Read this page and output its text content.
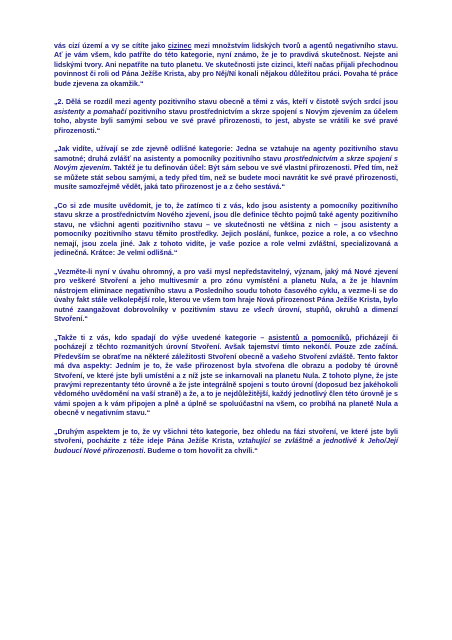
vás cizí území a vy se cítíte jako cizinec mezi množstvím lidských tvorů a agentů negativního stavu. Ať je vám všem, kdo patříte do této kategorie, nyní známo, že je to pravdivá skutečnost. Nejste ani lidskými tvory. Ani nepatříte na tuto planetu. Ve skutečnosti jste cizinci, kteří načas přijali přechodnou povinnost či roli od Pána Ježíše Krista, aby pro Něj/Ní konali nějakou důležitou práci. Povaha té práce bude zjevena za okamžik.“

„2. Dělá se rozdíl mezi agenty pozitivního stavu obecně a těmi z vás, kteří v čistotě svých srdcí jsou asistenty a pomahačí pozitivního stavu prostřednictvím a skrze spojení s Novým zjevením za účelem toho, abyste byli samými sebou ve své pravé přirozenosti, to jest, abyste se vrátili ke své pravé přirozenosti.“

„Jak vidíte, užívají se zde zjevně odlišné kategorie: Jedna se vztahuje na agenty pozitivního stavu samotné; druhá zvlášť na asistenty a pomocníky pozitivního stavu prostřednictvím a skrze spojení s Novým zjevením. Taktéž je tu definován účel: Být sám sebou ve své vlastní přirozenosti. Před tím, než se můžete stát sebou samými, a tedy před tím, než se budete moci navrátit ke své pravé přirozenosti, musíte samozřejmě vědět, jaká tato přirozenost je a z čeho sestává.“

„Co si zde musíte uvědomit, je to, že zatímco ti z vás, kdo jsou asistenty a pomocníky pozitivního stavu skrze a prostřednictvím Nového zjevení, jsou dle definice těchto pojmů také agenty pozitivního stavu, ne všichni agenti pozitivního stavu – ve skutečnosti ne většina z nich – jsou asistenty a pomocníky pozitivního stavu těmito prostředky. Jejich poslání, funkce, pozice a role, a co všechno nemají, jsou zcela jiné. Jak z tohoto vidíte, je vaše pozice a role velmi zvláštní, specializovaná a jedinečná. Krátce: Je velmi odlišná.“

„Vezměte-li nyní v úvahu ohromný, a pro vaši mysl nepředstavitelný, význam, jaký má Nové zjevení pro veškeré Stvoření a jeho multivesmír a pro zónu vymístění a planetu Nula, a že je hlavním nástrojem eliminace negativního stavu a Posledního soudu tohoto časového cyklu, a vezme-li se do úvahy fakt stále velkolepější role, kterou ve všem tom hraje Nová přirozenost Pána Ježíše Krista, bylo nutné zaangažovat dobrovolníky v pozitivním stavu ze všech úrovní, stupňů, okruhů a dimenzí Stvoření.“

„Takže ti z vás, kdo spadají do výše uvedené kategorie – asistentů a pomocníků, přicházejí či pocházejí z těchto rozmanitých úrovní Stvoření. Avšak tajemství tímto nekončí. Pouze zde začíná. Především se obraťme na některé záležitosti Stvoření obecně a vašeho Stvoření zvláště. Tento faktor má dva aspekty: Jedním je to, že vaše přirozenost byla stvořena dle obrazu a podoby té úrovně Stvoření, ve které jste byli umístěni a z níž jste se inkarnovali na planetu Nula. Z tohoto plyne, že jste pravými reprezentanty této úrovně a že jste integrálně spojeni s touto úrovní (doposud bez jakéhokoli vědomého uvědomění na vaší straně) a že, a to je nejdůležitější, každý jednotlivý člen této úrovně je s vámi spojen a k vám připojen a plně a úplně se spoluúčastní na všem, co probíhá na planetě Nula a obecně v negativním stavu.“

„Druhým aspektem je to, že vy všichni této kategorie, bez ohledu na fázi stvoření, ve které jste byli stvořeni, pocházíte z téže ideje Pána Ježíše Krista, vztahující se zvláštně a jednotlivě k Jeho/Její budoucí Nové přirozenosti. Budeme o tom hovořit za chvíli.“
